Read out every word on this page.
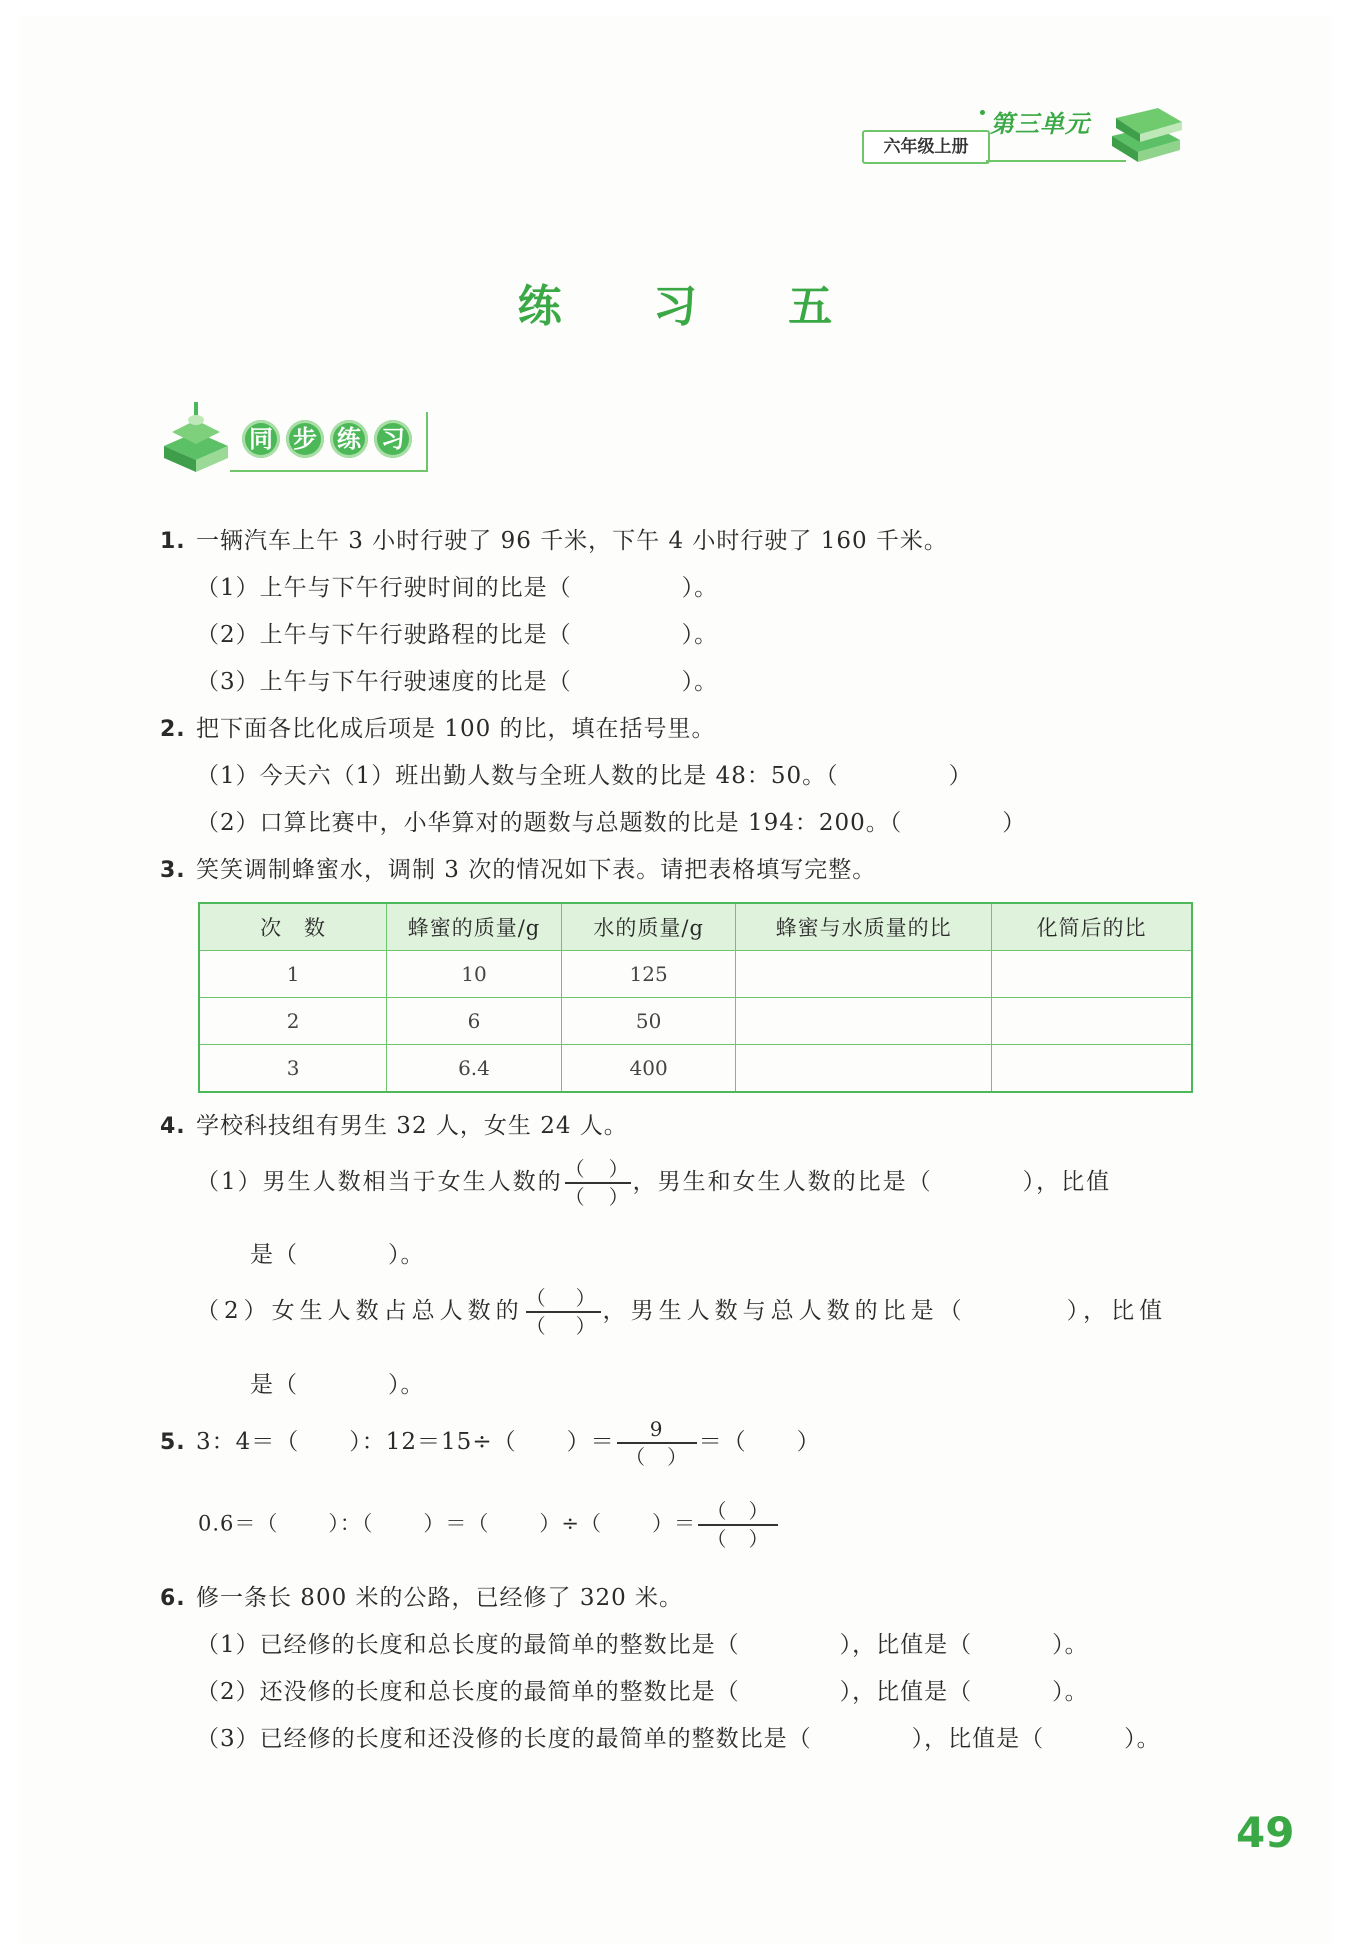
六年级上册
第三单元
练 习 五
同 步 练 习
1. 一辆汽车上午 3 小时行驶了 96 千米，下午 4 小时行驶了 160 千米。
（1）上午与下午行驶时间的比是（	）。
（2）上午与下午行驶路程的比是（	）。
（3）上午与下午行驶速度的比是（	）。
2. 把下面各比化成后项是 100 的比，填在括号里。
（1）今天六（1）班出勤人数与全班人数的比是 48：50。（	）
（2）口算比赛中，小华算对的题数与总题数的比是 194：200。（	）
3. 笑笑调制蜂蜜水，调制 3 次的情况如下表。请把表格填写完整。
次　数	蜂蜜的质量/g	水的质量/g	蜂蜜与水质量的比	化简后的比
1	10	125		
2	6	50		
3	6.4	400		
4. 学校科技组有男生 32 人，女生 24 人。
（1）男生人数相当于女生人数的 $\frac{( )}{( )}$ ，男生和女生人数的比是（	），比值
是（	）。
（2）女生人数占总人数的 $\frac{( )}{( )}$ ，男生人数与总人数的比是（	），比值
是（	）。
5. 3：4＝（ ）：12＝15÷（ ）＝ $\frac{9}{( )}$ ＝（ ）
0.6＝（ ）：（ ）＝（ ）÷（ ）＝ $\frac{( )}{( )}$
6. 修一条长 800 米的公路，已经修了 320 米。
（1）已经修的长度和总长度的最简单的整数比是（	），比值是（	）。
（2）还没修的长度和总长度的最简单的整数比是（	），比值是（	）。
（3）已经修的长度和还没修的长度的最简单的整数比是（	），比值是（	）。
49
